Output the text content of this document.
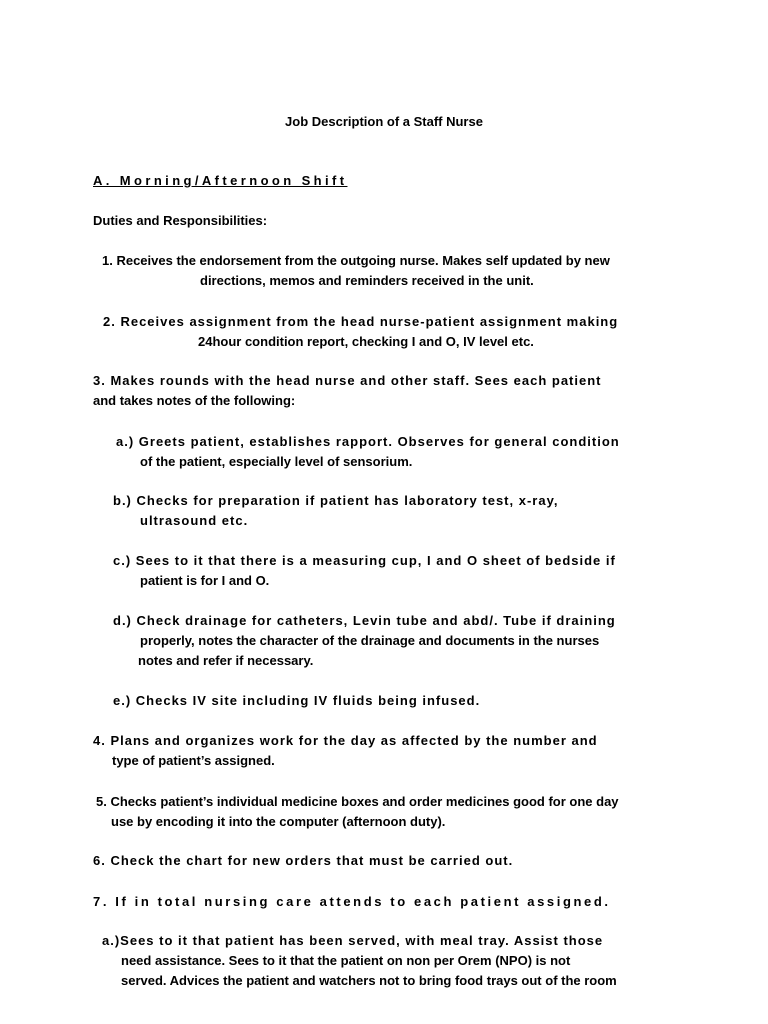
Job Description of a Staff Nurse
A. Morning/Afternoon Shift
Duties and Responsibilities:
1. Receives the endorsement from the outgoing nurse. Makes self updated by new
directions, memos and reminders received in the unit.
2. Receives assignment from the head nurse-patient assignment making
24hour condition report, checking I and O, IV level etc.
3. Makes rounds with the head nurse and other staff. Sees each patient
and takes notes of the following:
a.) Greets patient, establishes rapport. Observes for general condition
of the patient, especially level of sensorium.
b.) Checks for preparation if patient has laboratory test, x-ray,
ultrasound etc.
c.) Sees to it that there is a measuring cup, I and O sheet of bedside if
patient is for I and O.
d.) Check drainage for catheters, Levin tube and abd/. Tube if draining
properly, notes the character of the drainage and documents in the nurses
notes and refer if necessary.
e.) Checks IV site including IV fluids being infused.
4. Plans and organizes work for the day as affected by the number and
type of patient’s assigned.
5. Checks patient’s individual medicine boxes and order medicines good for one day
use by encoding it into the computer (afternoon duty).
6. Check the chart for new orders that must be carried out.
7. If in total nursing care attends to each patient assigned.
a.)Sees to it that patient has been served, with meal tray. Assist those
need assistance. Sees to it that the patient on non per Orem (NPO) is not
served. Advices the patient and watchers not to bring food trays out of the room
